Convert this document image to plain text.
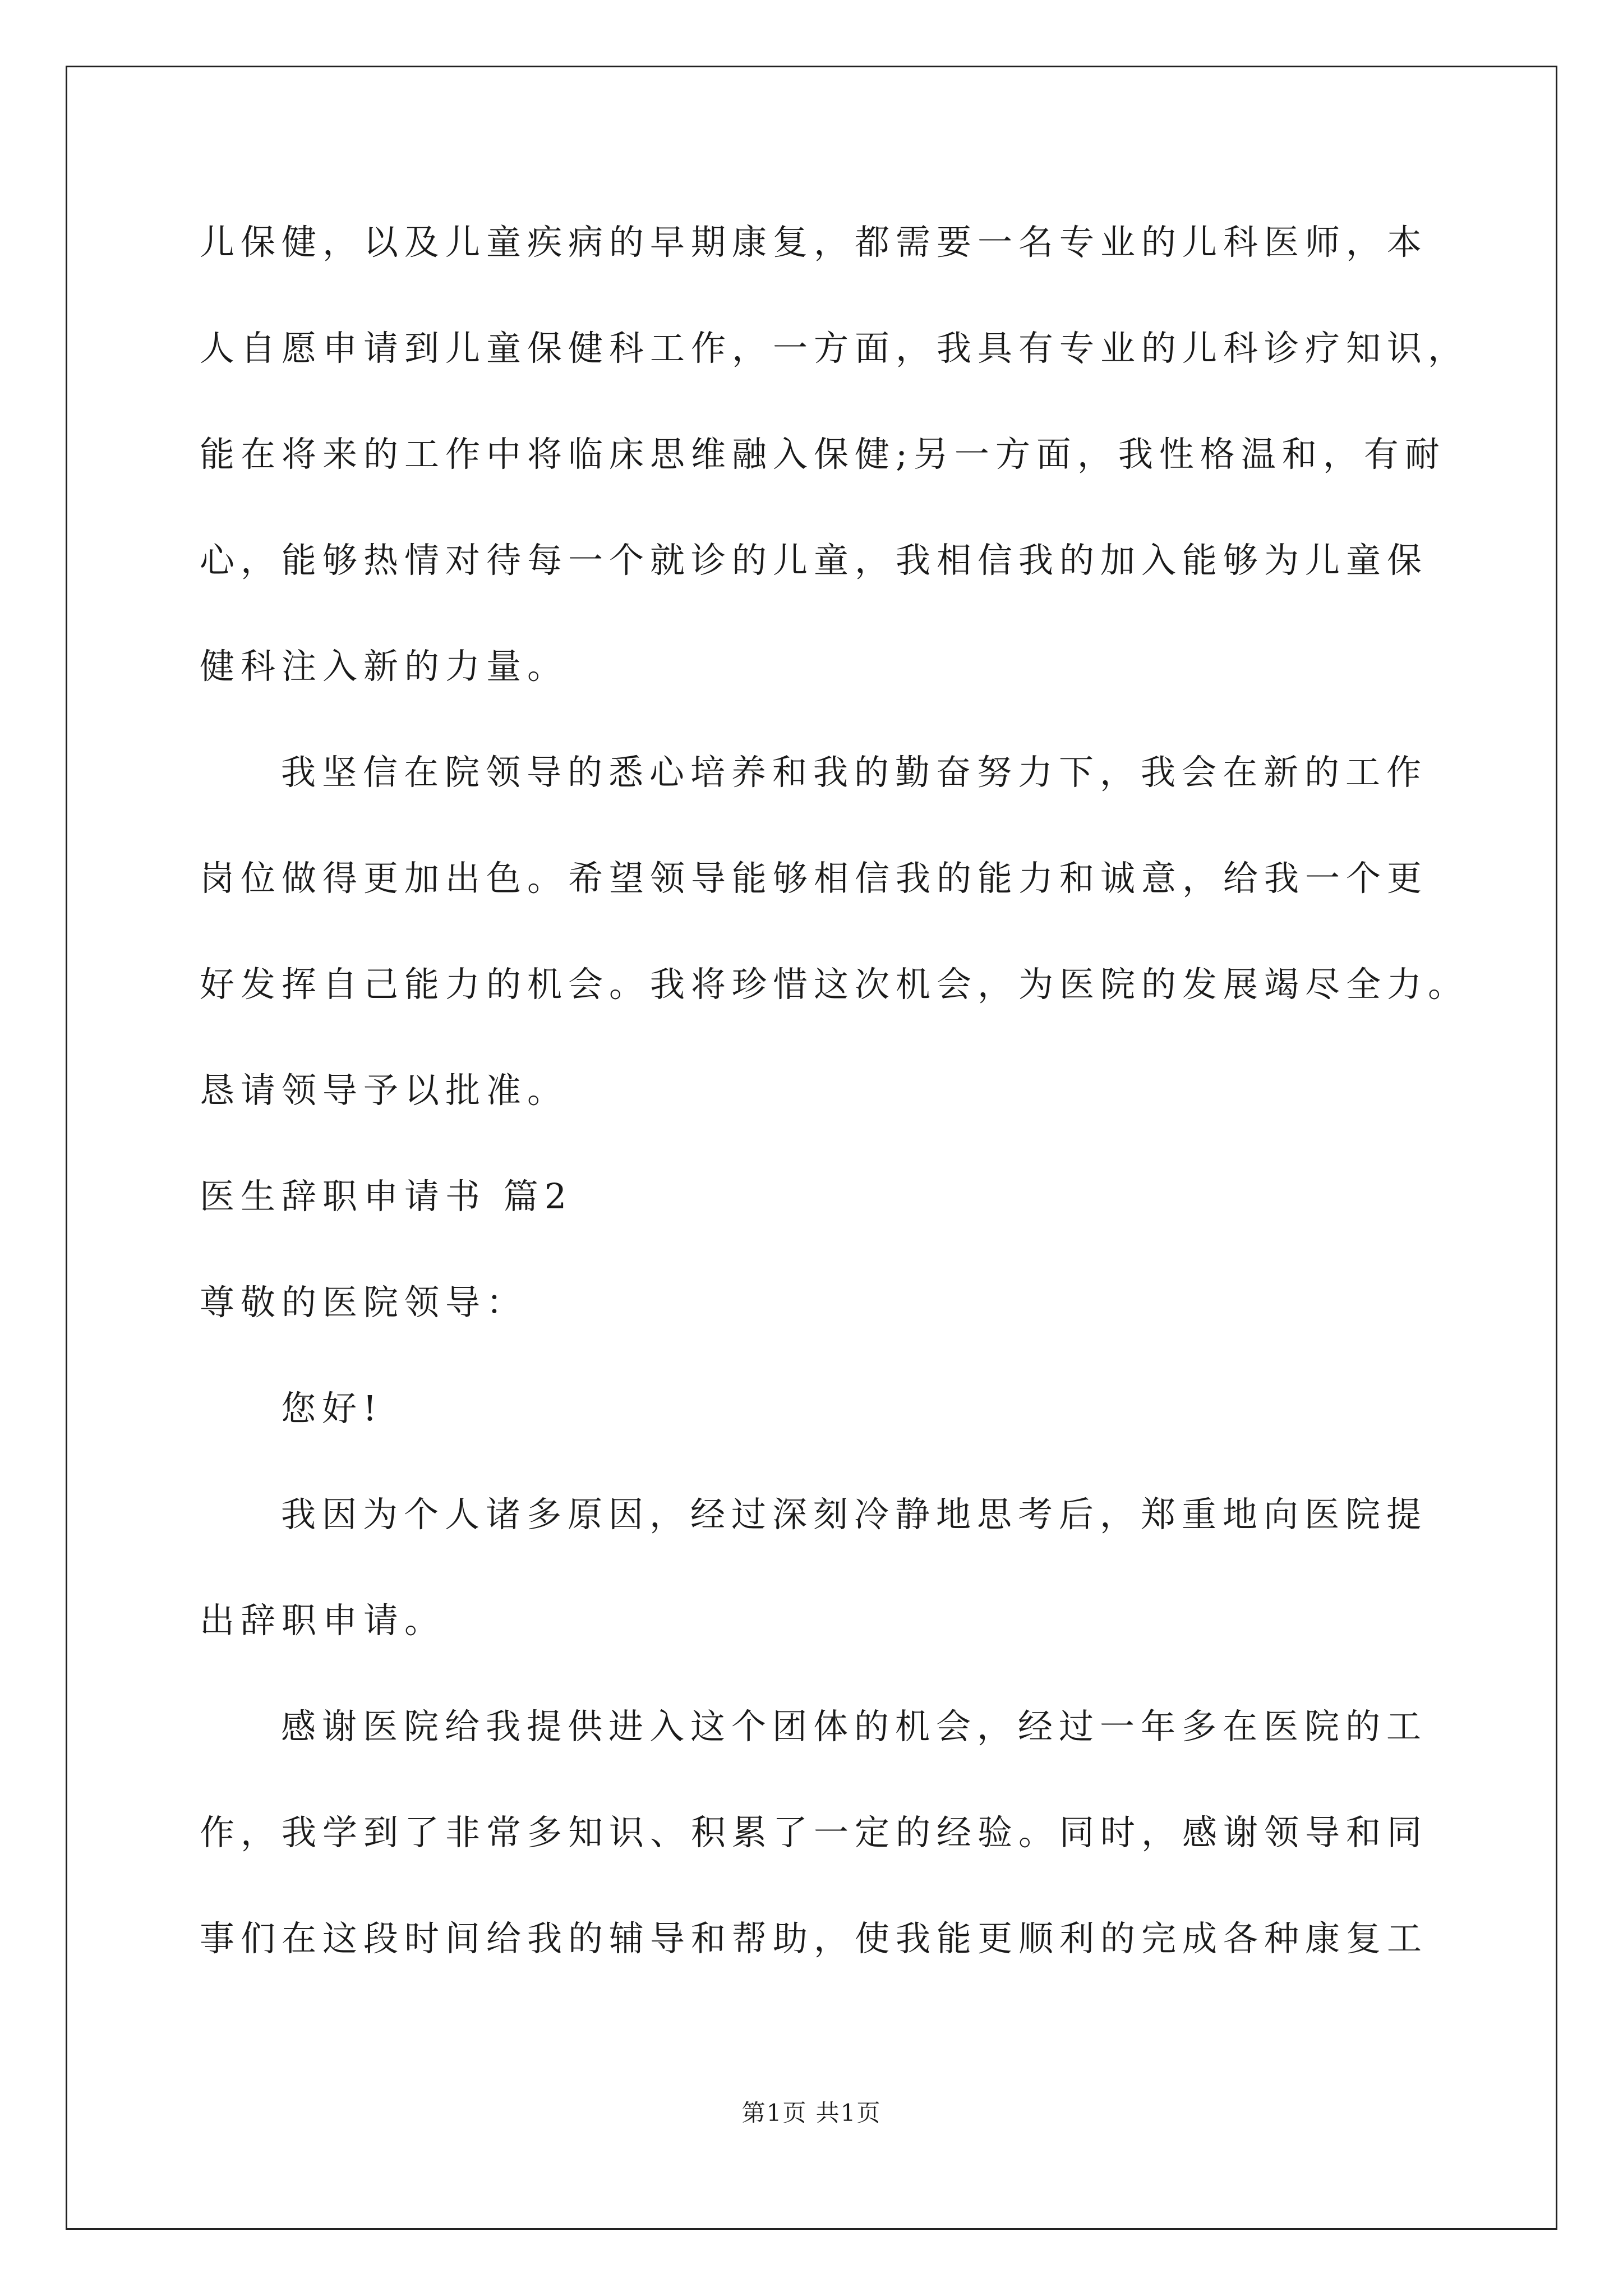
儿保健，以及儿童疾病的早期康复，都需要一名专业的儿科医师，本
人自愿申请到儿童保健科工作，一方面，我具有专业的儿科诊疗知识，
能在将来的工作中将临床思维融入保健;另一方面，我性格温和，有耐
心，能够热情对待每一个就诊的儿童，我相信我的加入能够为儿童保
健科注入新的力量。
我坚信在院领导的悉心培养和我的勤奋努力下，我会在新的工作
岗位做得更加出色。希望领导能够相信我的能力和诚意，给我一个更
好发挥自己能力的机会。我将珍惜这次机会，为医院的发展竭尽全力。
恳请领导予以批准。
医生辞职申请书 篇2
尊敬的医院领导：
您好!
我因为个人诸多原因，经过深刻冷静地思考后，郑重地向医院提
出辞职申请。
感谢医院给我提供进入这个团体的机会，经过一年多在医院的工
作，我学到了非常多知识、积累了一定的经验。同时，感谢领导和同
事们在这段时间给我的辅导和帮助，使我能更顺利的完成各种康复工
第1页 共1页
